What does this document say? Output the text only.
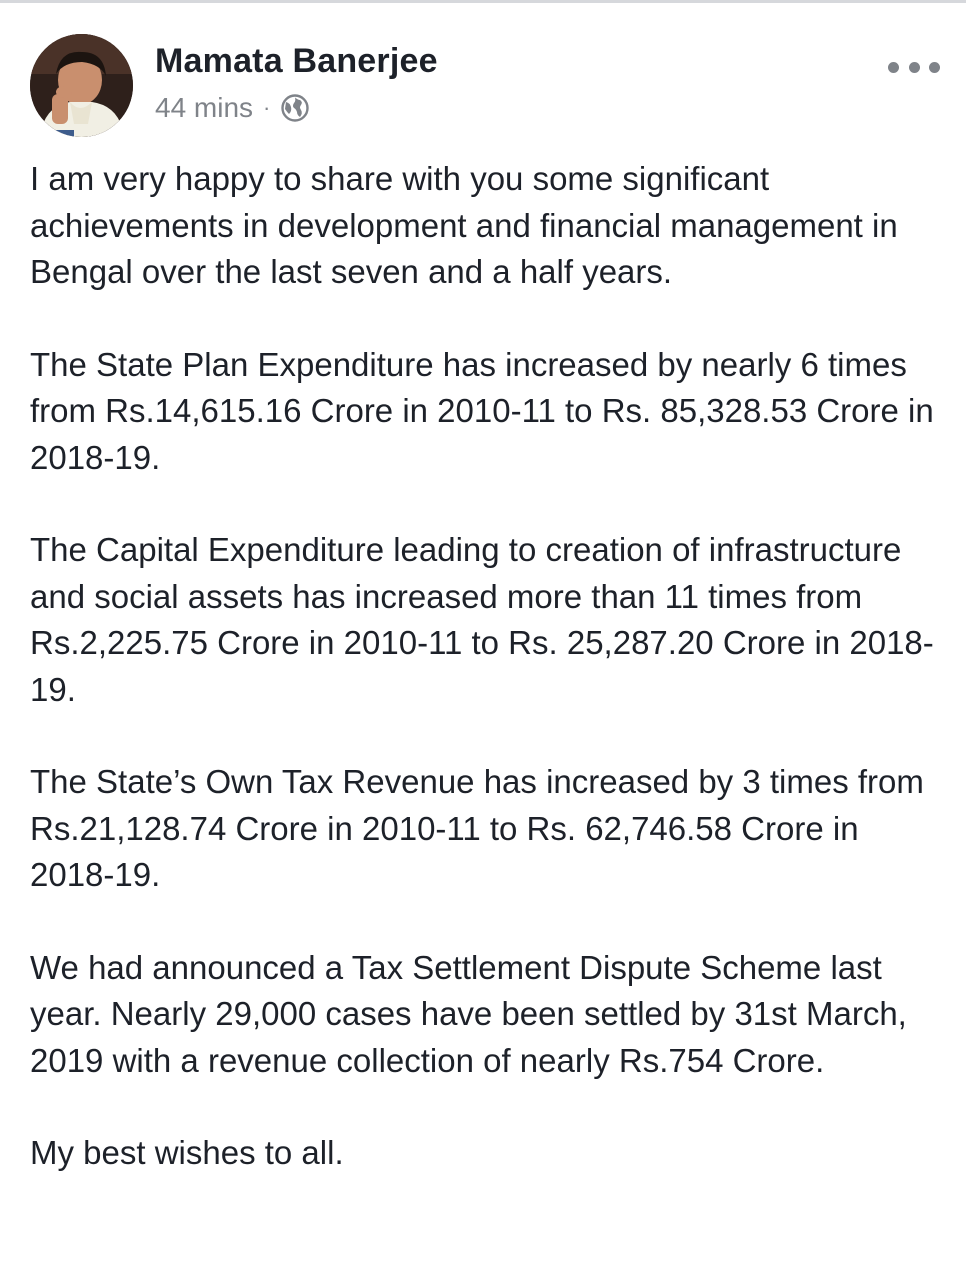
Mamata Banerjee
44 mins ·

I am very happy to share with you some significant achievements in development and financial management in Bengal over the last seven and a half years.

The State Plan Expenditure has increased by nearly 6 times from Rs.14,615.16 Crore in 2010-11 to Rs. 85,328.53 Crore in 2018-19.

The Capital Expenditure leading to creation of infrastructure and social assets has increased more than 11 times from Rs.2,225.75 Crore in 2010-11 to Rs. 25,287.20 Crore in 2018-19.

The State’s Own Tax Revenue has increased by 3 times from Rs.21,128.74 Crore in 2010-11 to Rs. 62,746.58 Crore in 2018-19.

We had announced a Tax Settlement Dispute Scheme last year. Nearly 29,000 cases have been settled by 31st March, 2019 with a revenue collection of nearly Rs.754 Crore.

My best wishes to all.
